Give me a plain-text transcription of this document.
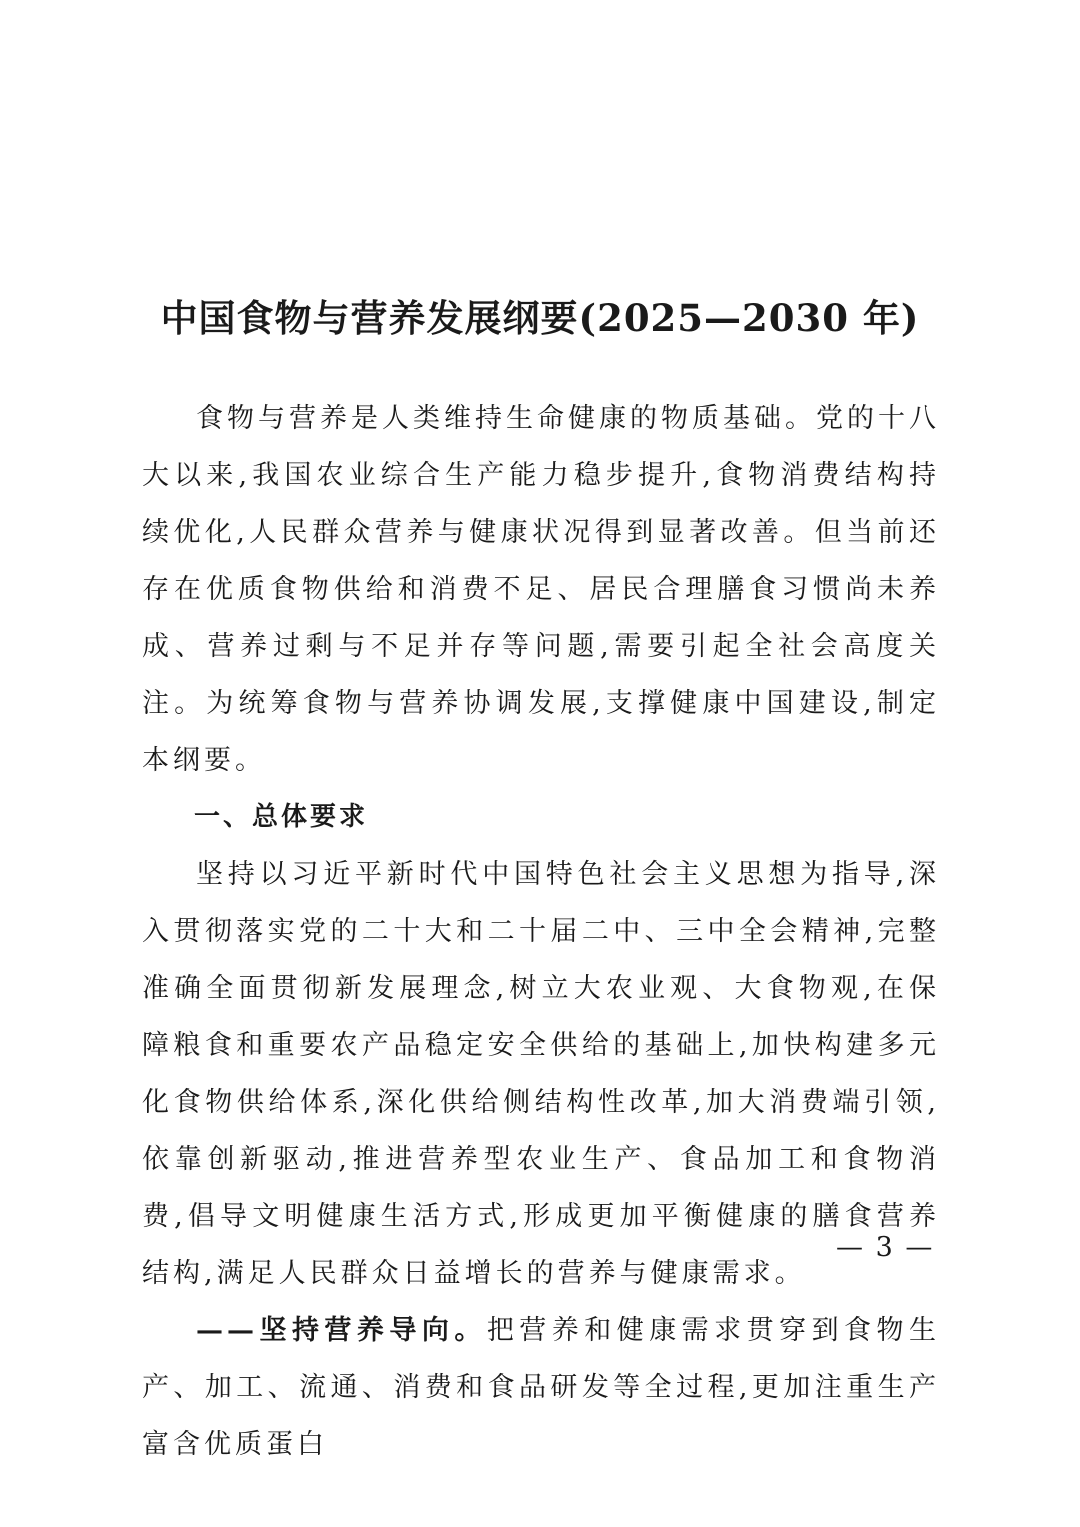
中国食物与营养发展纲要(2025—2030 年)

食物与营养是人类维持生命健康的物质基础。党的十八大以来,我国农业综合生产能力稳步提升,食物消费结构持续优化,人民群众营养与健康状况得到显著改善。但当前还存在优质食物供给和消费不足、居民合理膳食习惯尚未养成、营养过剩与不足并存等问题,需要引起全社会高度关注。为统筹食物与营养协调发展,支撑健康中国建设,制定本纲要。

一、总体要求

坚持以习近平新时代中国特色社会主义思想为指导,深入贯彻落实党的二十大和二十届二中、三中全会精神,完整准确全面贯彻新发展理念,树立大农业观、大食物观,在保障粮食和重要农产品稳定安全供给的基础上,加快构建多元化食物供给体系,深化供给侧结构性改革,加大消费端引领,依靠创新驱动,推进营养型农业生产、食品加工和食物消费,倡导文明健康生活方式,形成更加平衡健康的膳食营养结构,满足人民群众日益增长的营养与健康需求。

——坚持营养导向。把营养和健康需求贯穿到食物生产、加工、流通、消费和食品研发等全过程,更加注重生产富含优质蛋白

— 3 —
